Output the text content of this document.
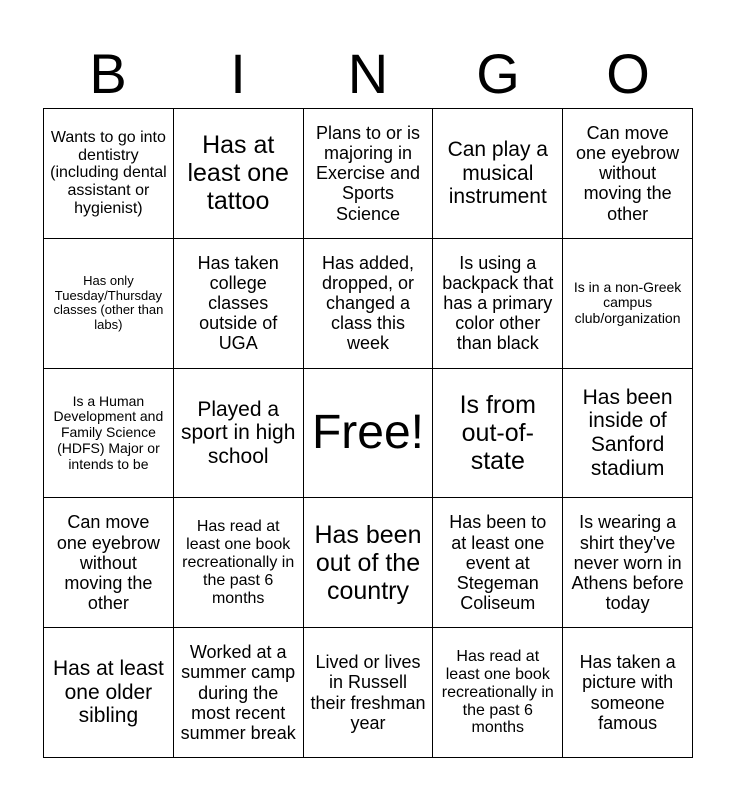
B	I	N	G	O
Wants to go into dentistry (including dental assistant or hygienist)
Has at least one tattoo
Plans to or is majoring in Exercise and Sports Science
Can play a musical instrument
Can move one eyebrow without moving the other
Has only Tuesday/Thursday classes (other than labs)
Has taken college classes outside of UGA
Has added, dropped, or changed a class this week
Is using a backpack that has a primary color other than black
Is in a non-Greek campus club/organization
Is a Human Development and Family Science (HDFS) Major or intends to be
Played a sport in high school Free!
Is from out-of-state
Has been inside of Sanford stadium
Can move one eyebrow without moving the other
Has read at least one book recreationally in the past 6 months
Has been out of the country
Has been to at least one event at Stegeman Coliseum
Is wearing a shirt they've never worn in Athens before today
Has at least one older sibling
Worked at a summer camp during the most recent summer break
Lived or lives in Russell their freshman year
Has read at least one book recreationally in the past 6 months
Has taken a picture with someone famous
